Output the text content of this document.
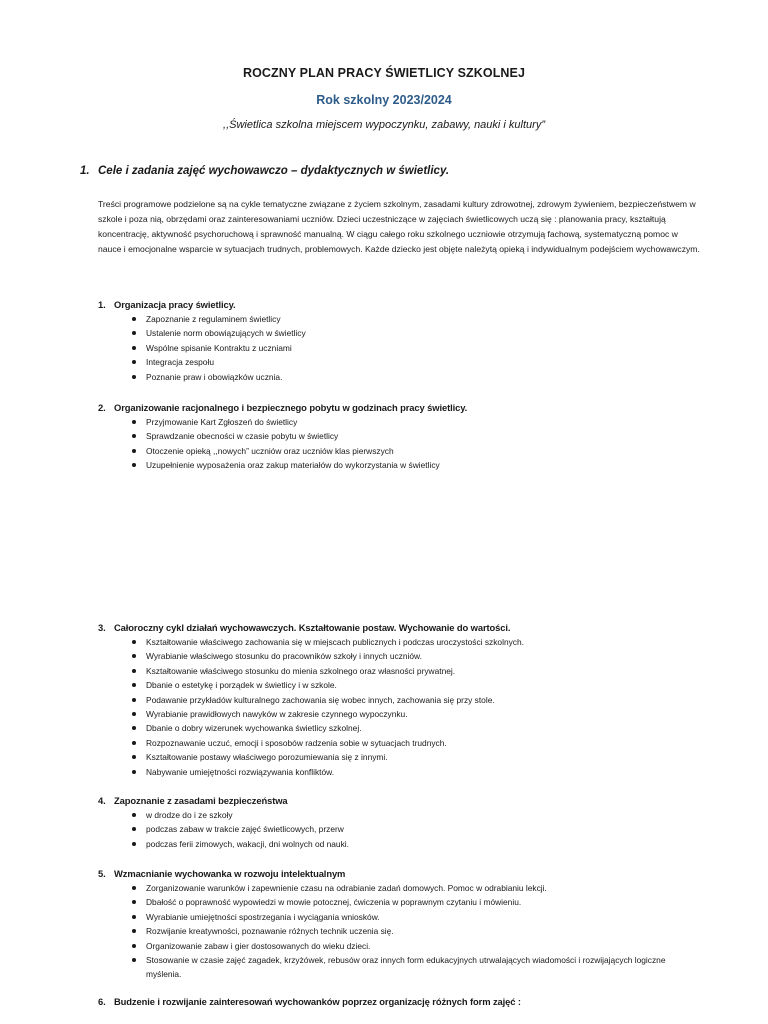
ROCZNY PLAN PRACY ŚWIETLICY SZKOLNEJ
Rok szkolny 2023/2024
,,Świetlica szkolna miejscem wypoczynku, zabawy, nauki i kultury”
1. Cele i zadania zajęć wychowawczo – dydaktycznych w świetlicy.

Treści programowe podzielone są na cykle tematyczne związane z życiem szkolnym, zasadami kultury zdrowotnej, zdrowym żywieniem, bezpieczeństwem w szkole i poza nią, obrzędami oraz zainteresowaniami uczniów. Dzieci uczestniczące w zajęciach świetlicowych uczą się : planowania pracy, kształtują koncentrację, aktywność psychoruchową i sprawność manualną. W ciągu całego roku szkolnego uczniowie otrzymują fachową, systematyczną pomoc w nauce i emocjonalne wsparcie w sytuacjach trudnych, problemowych. Każde dziecko jest objęte należytą opieką i indywidualnym podejściem wychowawczym.

1. Organizacja pracy świetlicy.
Zapoznanie z regulaminem świetlicy
Ustalenie norm obowiązujących w świetlicy
Wspólne spisanie Kontraktu z uczniami
Integracja zespołu
Poznanie praw i obowiązków ucznia.
2. Organizowanie racjonalnego i bezpiecznego pobytu w godzinach pracy świetlicy.
Przyjmowanie Kart Zgłoszeń do świetlicy
Sprawdzanie obecności w czasie pobytu w świetlicy
Otoczenie opieką ,,nowych” uczniów oraz uczniów klas pierwszych
Uzupełnienie wyposażenia oraz zakup materiałów do wykorzystania w świetlicy
3. Całoroczny cykl działań wychowawczych. Kształtowanie postaw. Wychowanie do wartości.
Kształtowanie właściwego zachowania się w miejscach publicznych i podczas uroczystości szkolnych.
Wyrabianie właściwego stosunku do pracowników szkoły i innych uczniów.
Kształtowanie właściwego stosunku do mienia szkolnego oraz własności prywatnej.
Dbanie o estetykę i porządek w świetlicy i w szkole.
Podawanie przykładów kulturalnego zachowania się wobec innych, zachowania się przy stole.
Wyrabianie prawidłowych nawyków w zakresie czynnego wypoczynku.
Dbanie o dobry wizerunek wychowanka świetlicy szkolnej.
Rozpoznawanie uczuć, emocji i sposobów radzenia sobie w sytuacjach trudnych.
Kształtowanie postawy właściwego porozumiewania się z innymi.
Nabywanie umiejętności rozwiązywania konfliktów.
4. Zapoznanie z zasadami bezpieczeństwa
w drodze do i ze szkoły
podczas zabaw w trakcie zajęć świetlicowych, przerw
podczas ferii zimowych, wakacji, dni wolnych od nauki.
5. Wzmacnianie wychowanka w rozwoju intelektualnym
Zorganizowanie warunków i zapewnienie czasu na odrabianie zadań domowych. Pomoc w odrabianiu lekcji.
Dbałość o poprawność wypowiedzi w mowie potocznej, ćwiczenia w poprawnym czytaniu i mówieniu.
Wyrabianie umiejętności spostrzegania i wyciągania wniosków.
Rozwijanie kreatywności, poznawanie różnych technik uczenia się.
Organizowanie zabaw i gier dostosowanych do wieku dzieci.
Stosowanie w czasie zajęć zagadek, krzyżówek, rebusów oraz innych form edukacyjnych utrwalających wiadomości i rozwijających logiczne myślenia.
6. Budzenie i rozwijanie zainteresowań wychowanków poprzez organizację różnych form zajęć :
